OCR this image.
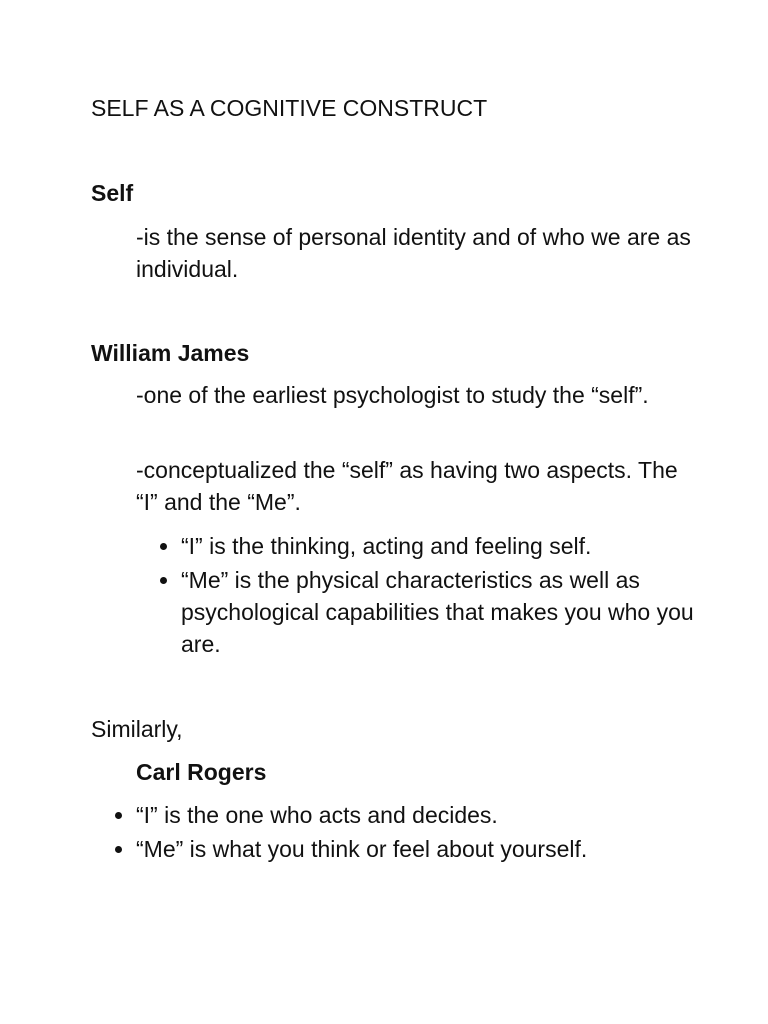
SELF AS A COGNITIVE CONSTRUCT
Self

-is the sense of personal identity and of who we are as individual.

William James

-one of the earliest psychologist to study the “self”.

-conceptualized the “self” as having two aspects. The “I” and the “Me”.

“I” is the thinking, acting and feeling self.
“Me” is the physical characteristics as well as psychological capabilities that makes you who you are.

Similarly,

Carl Rogers
“I” is the one who acts and decides.
“Me” is what you think or feel about yourself.
